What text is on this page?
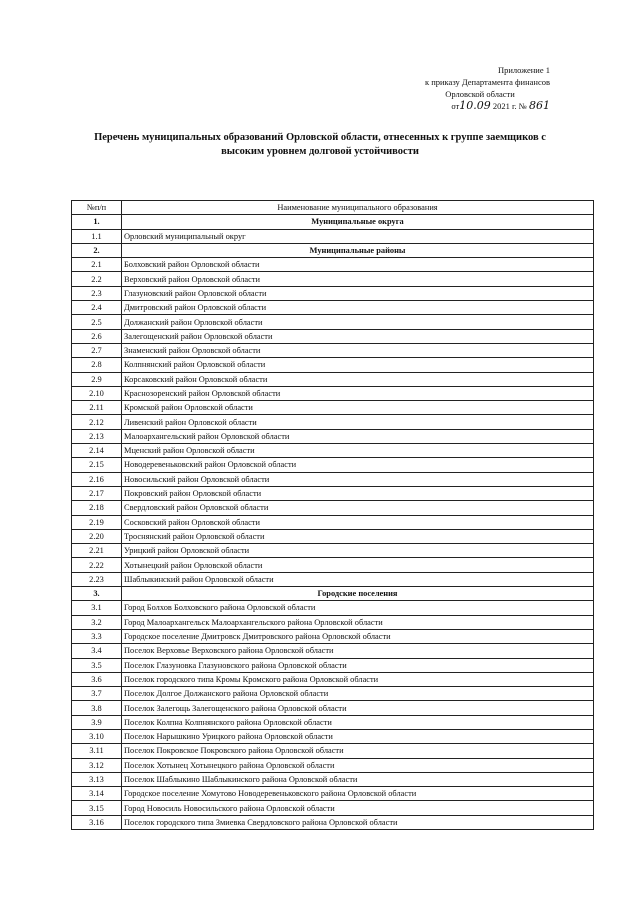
Приложение 1
к приказу Департамента финансов
Орловской области
от10.09 2021 г. № 861
Перечень муниципальных образований Орловской области, отнесенных к группе заемщиков с
высоким уровнем долговой устойчивости
№п/п	Наименование муниципального образования
1.	Муниципальные округа
1.1	Орловский муниципальный округ
2.	Муниципальные районы
2.1	Болховский район Орловской области
2.2	Верховский район Орловской области
2.3	Глазуновский район Орловской области
2.4	Дмитровский район Орловской области
2.5	Должанский район Орловской области
2.6	Залегощенский район Орловской области
2.7	Знаменский район Орловской области
2.8	Колпнянский район Орловской области
2.9	Корсаковский район Орловской области
2.10	Краснозоренский район Орловской области
2.11	Кромской район Орловской области
2.12	Ливенский район Орловской области
2.13	Малоархангельский район Орловской области
2.14	Мценский район Орловской области
2.15	Новодеревеньковский район Орловской области
2.16	Новосильский район Орловской области
2.17	Покровский район Орловской области
2.18	Свердловский район Орловской области
2.19	Сосковский район Орловской области
2.20	Троснянский район Орловской области
2.21	Урицкий район Орловской области
2.22	Хотынецкий район Орловской области
2.23	Шаблыкинский район Орловской области
3.	Городские поселения
3.1	Город Болхов Болховского района Орловской области
3.2	Город Малоархангельск Малоархангельского района Орловской области
3.3	Городское поселение Дмитровск Дмитровского района Орловской области
3.4	Поселок Верховье Верховского района Орловской области
3.5	Поселок Глазуновка Глазуновского района Орловской области
3.6	Поселок городского типа Кромы Кромского района Орловской области
3.7	Поселок Долгое Должанского района Орловской области
3.8	Поселок Залегощь Залегощенского района Орловской области
3.9	Поселок Колпна Колпнянского района Орловской области
3.10	Поселок Нарышкино Урицкого района Орловской области
3.11	Поселок Покровское Покровского района Орловской области
3.12	Поселок Хотынец Хотынецкого района Орловской области
3.13	Поселок Шаблыкино Шаблыкинского района Орловской области
3.14	Городское поселение Хомутово Новодеревеньковского района Орловской области
3.15	Город Новосиль Новосильского района Орловской области
3.16	Поселок городского типа Змиевка Свердловского района Орловской области
